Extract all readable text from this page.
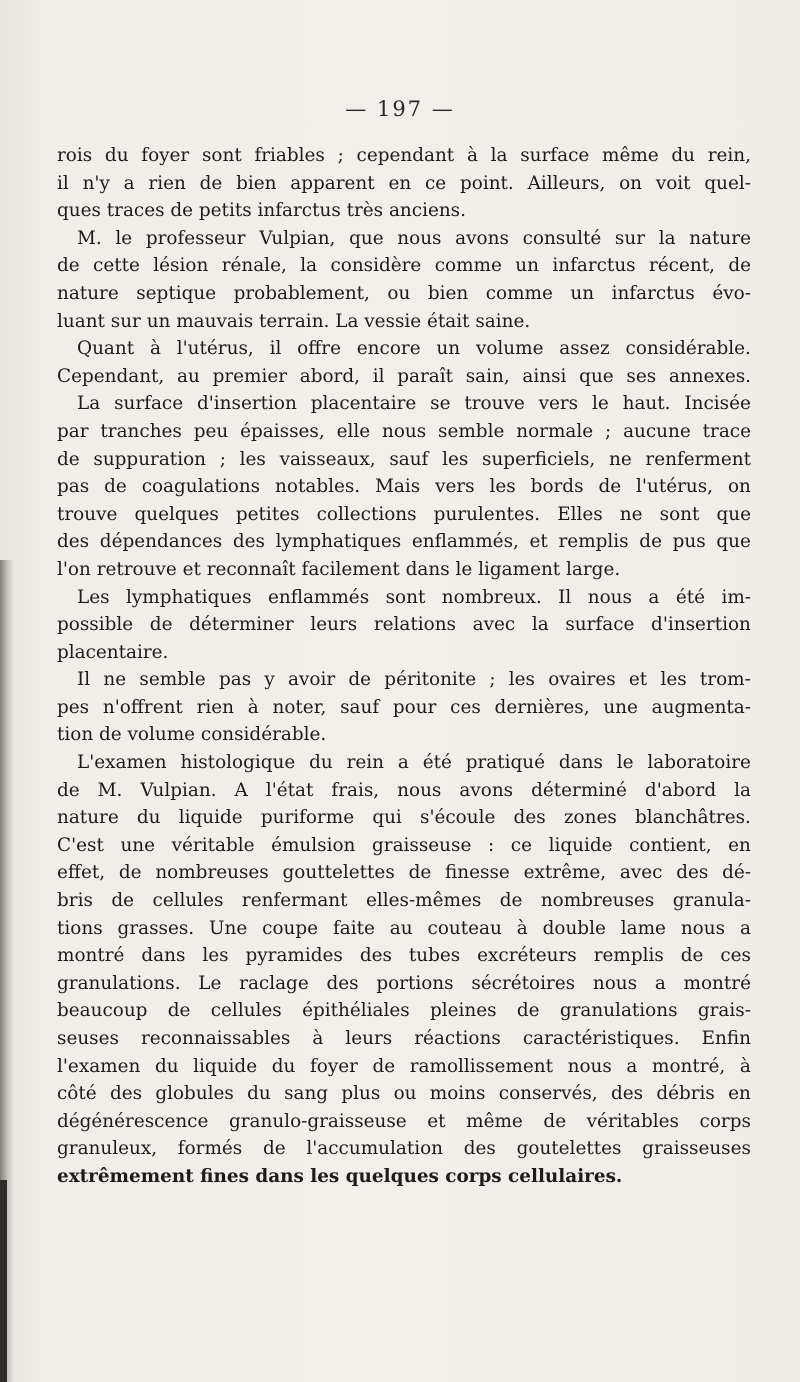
— 197 —
rois du foyer sont friables ; cependant à la surface même du rein,
il n'y a rien de bien apparent en ce point. Ailleurs, on voit quel-
ques traces de petits infarctus très anciens.
M. le professeur Vulpian, que nous avons consulté sur la nature
de cette lésion rénale, la considère comme un infarctus récent, de
nature septique probablement, ou bien comme un infarctus évo-
luant sur un mauvais terrain. La vessie était saine.
Quant à l'utérus, il offre encore un volume assez considérable.
Cependant, au premier abord, il paraît sain, ainsi que ses annexes.
La surface d'insertion placentaire se trouve vers le haut. Incisée
par tranches peu épaisses, elle nous semble normale ; aucune trace
de suppuration ; les vaisseaux, sauf les superficiels, ne renferment
pas de coagulations notables. Mais vers les bords de l'utérus, on
trouve quelques petites collections purulentes. Elles ne sont que
des dépendances des lymphatiques enflammés, et remplis de pus que
l'on retrouve et reconnaît facilement dans le ligament large.
Les lymphatiques enflammés sont nombreux. Il nous a été im-
possible de déterminer leurs relations avec la surface d'insertion
placentaire.
Il ne semble pas y avoir de péritonite ; les ovaires et les trom-
pes n'offrent rien à noter, sauf pour ces dernières, une augmenta-
tion de volume considérable.
L'examen histologique du rein a été pratiqué dans le laboratoire
de M. Vulpian. A l'état frais, nous avons déterminé d'abord la
nature du liquide puriforme qui s'écoule des zones blanchâtres.
C'est une véritable émulsion graisseuse : ce liquide contient, en
effet, de nombreuses gouttelettes de finesse extrême, avec des dé-
bris de cellules renfermant elles-mêmes de nombreuses granula-
tions grasses. Une coupe faite au couteau à double lame nous a
montré dans les pyramides des tubes excréteurs remplis de ces
granulations. Le raclage des portions sécrétoires nous a montré
beaucoup de cellules épithéliales pleines de granulations grais-
seuses reconnaissables à leurs réactions caractéristiques. Enfin
l'examen du liquide du foyer de ramollissement nous a montré, à
côté des globules du sang plus ou moins conservés, des débris en
dégénérescence granulo-graisseuse et même de véritables corps
granuleux, formés de l'accumulation des goutelettes graisseuses
extrêmement fines dans les quelques corps cellulaires.
